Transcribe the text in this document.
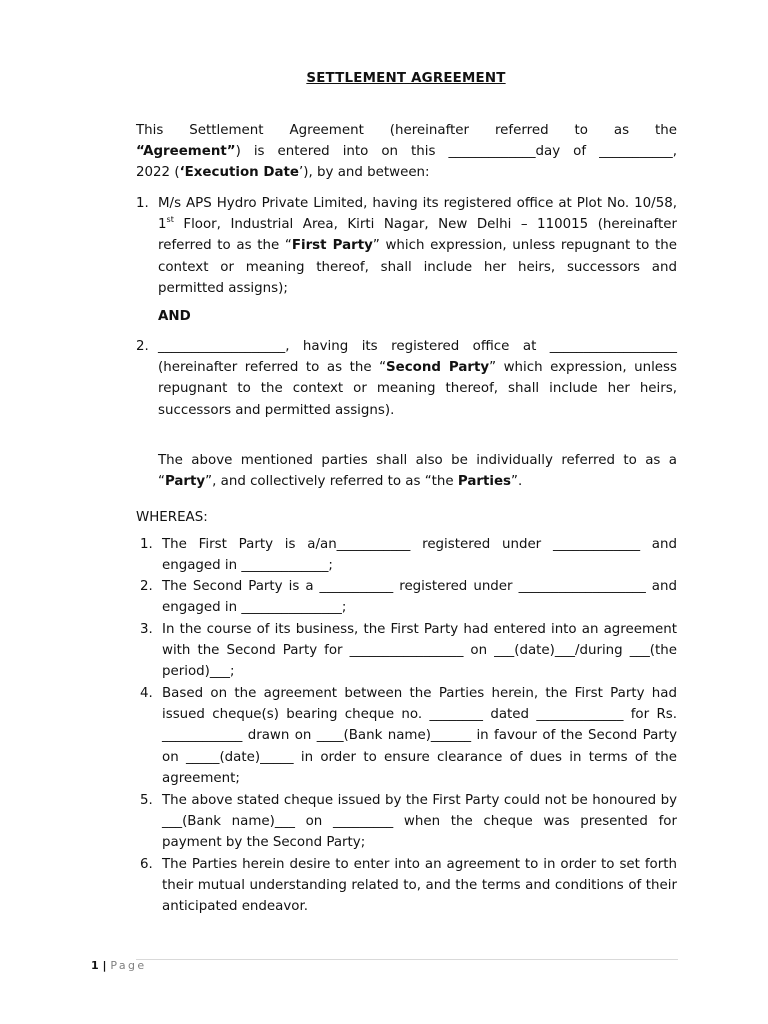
SETTLEMENT AGREEMENT
This Settlement Agreement (hereinafter referred to as the
“Agreement”) is entered into on this _____________day of ___________,
2022 (‘Execution Date’), by and between:
1. M/s APS Hydro Private Limited, having its registered office at Plot No. 10/58, 1st Floor, Industrial Area, Kirti Nagar, New Delhi – 110015 (hereinafter referred to as the “First Party” which expression, unless repugnant to the context or meaning thereof, shall include her heirs, successors and permitted assigns);
AND
2. ___________________, having its registered office at ___________________ (hereinafter referred to as the “Second Party” which expression, unless repugnant to the context or meaning thereof, shall include her heirs, successors and permitted assigns).
The above mentioned parties shall also be individually referred to as a “Party”, and collectively referred to as “the Parties”.
WHEREAS:
1. The First Party is a/an___________ registered under _____________ and engaged in _____________;
2. The Second Party is a ___________ registered under ___________________ and engaged in _______________;
3. In the course of its business, the First Party had entered into an agreement with the Second Party for _________________ on ___(date)___/during ___(the period)___;
4. Based on the agreement between the Parties herein, the First Party had issued cheque(s) bearing cheque no. ________ dated _____________ for Rs. ____________ drawn on ____(Bank name)______ in favour of the Second Party on _____(date)_____ in order to ensure clearance of dues in terms of the agreement;
5. The above stated cheque issued by the First Party could not be honoured by ___(Bank name)___ on _________ when the cheque was presented for payment by the Second Party;
6. The Parties herein desire to enter into an agreement to in order to set forth their mutual understanding related to, and the terms and conditions of their anticipated endeavor.
1 | Page
